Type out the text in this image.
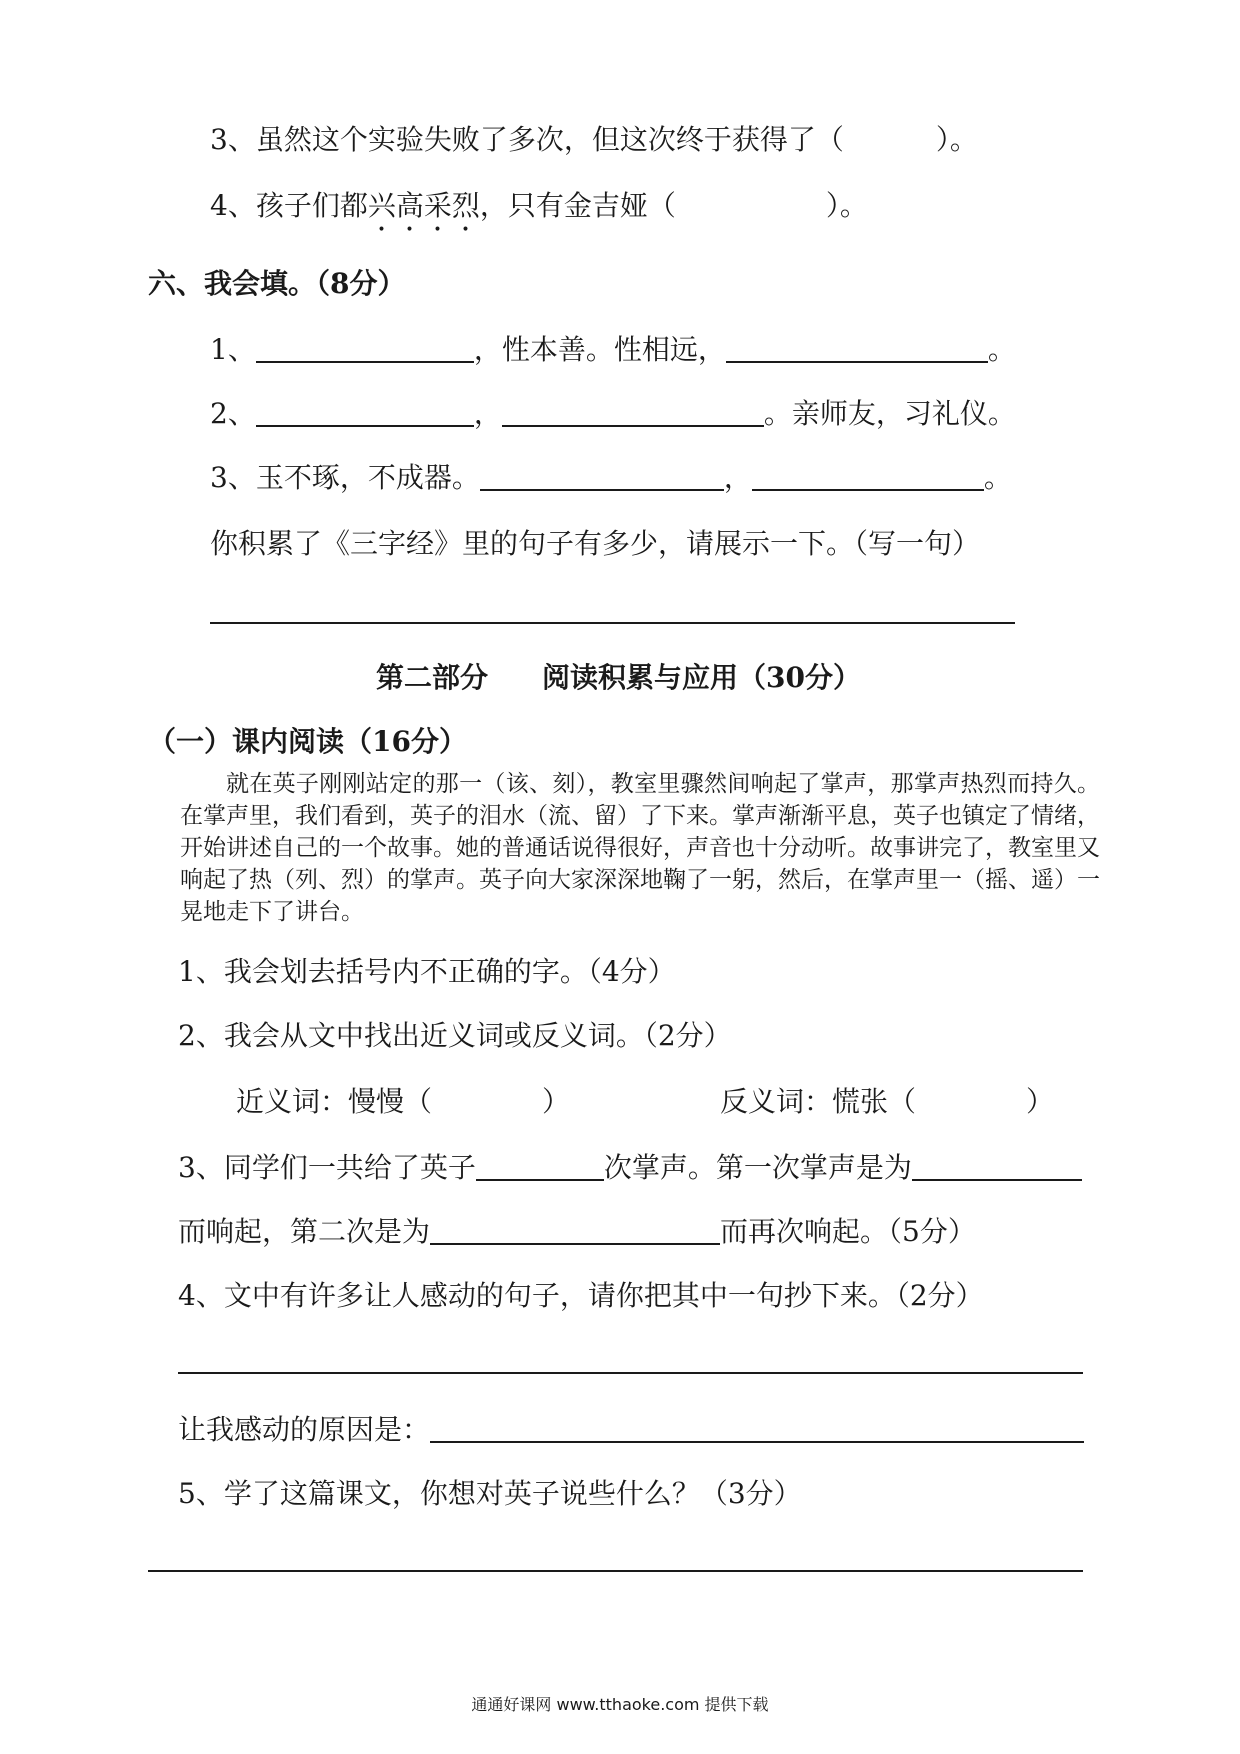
3、虽然这个实验失败了多次，但这次终于获得了（	）。
4、孩子们都兴高采烈，只有金吉娅（	）。
六、我会填。（8分）
1、	，性本善。性相远，	。
2、	，	。亲师友，习礼仪。
3、玉不琢，不成器。	，	。
你积累了《三字经》里的句子有多少，请展示一下。（写一句）
第二部分 阅读积累与应用（30分）
（一）课内阅读（16分）
就在英子刚刚站定的那一（该、刻），教室里骤然间响起了掌声，那掌声热烈而持久。在掌声里，我们看到，英子的泪水（流、留）了下来。掌声渐渐平息，英子也镇定了情绪，开始讲述自己的一个故事。她的普通话说得很好，声音也十分动听。故事讲完了，教室里又响起了热（列、烈）的掌声。英子向大家深深地鞠了一躬，然后，在掌声里一（摇、遥）一晃地走下了讲台。
1、我会划去括号内不正确的字。（4分）
2、我会从文中找出近义词或反义词。（2分）
近义词：慢慢（	）	反义词：慌张（	）
3、同学们一共给了英子	次掌声。第一次掌声是为
而响起，第二次是为	而再次响起。（5分）
4、文中有许多让人感动的句子，请你把其中一句抄下来。（2分）
让我感动的原因是：
5、学了这篇课文，你想对英子说些什么？（3分）
通通好课网 www.tthaoke.com 提供下载
